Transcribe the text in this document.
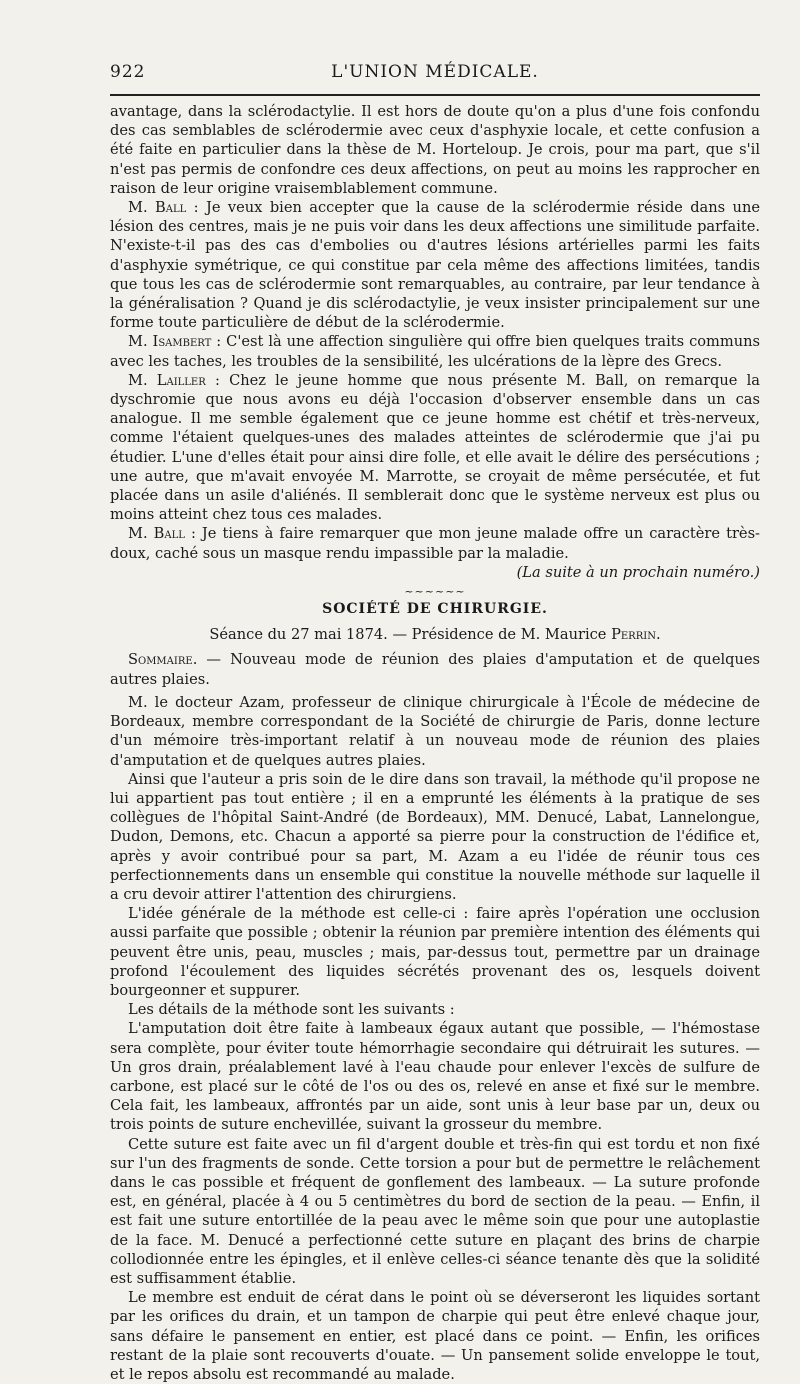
922	L'UNION MÉDICALE.

avantage, dans la sclérodactylie. Il est hors de doute qu'on a plus d'une fois confondu des cas semblables de sclérodermie avec ceux d'asphyxie locale, et cette confusion a été faite en particulier dans la thèse de M. Horteloup. Je crois, pour ma part, que s'il n'est pas permis de confondre ces deux affections, on peut au moins les rapprocher en raison de leur origine vraisemblablement commune.

M. Ball : Je veux bien accepter que la cause de la sclérodermie réside dans une lésion des centres, mais je ne puis voir dans les deux affections une similitude parfaite. N'existe-t-il pas des cas d'embolies ou d'autres lésions artérielles parmi les faits d'asphyxie symétrique, ce qui constitue par cela même des affections limitées, tandis que tous les cas de sclérodermie sont remarquables, au contraire, par leur tendance à la généralisation ? Quand je dis sclérodactylie, je veux insister principalement sur une forme toute particulière de début de la sclérodermie.

M. Isambert : C'est là une affection singulière qui offre bien quelques traits communs avec les taches, les troubles de la sensibilité, les ulcérations de la lèpre des Grecs.

M. Lailler : Chez le jeune homme que nous présente M. Ball, on remarque la dyschromie que nous avons eu déjà l'occasion d'observer ensemble dans un cas analogue. Il me semble également que ce jeune homme est chétif et très-nerveux, comme l'étaient quelques-unes des malades atteintes de sclérodermie que j'ai pu étudier. L'une d'elles était pour ainsi dire folle, et elle avait le délire des persécutions ; une autre, que m'avait envoyée M. Marrotte, se croyait de même persécutée, et fut placée dans un asile d'aliénés. Il semblerait donc que le système nerveux est plus ou moins atteint chez tous ces malades.

M. Ball : Je tiens à faire remarquer que mon jeune malade offre un caractère très-doux, caché sous un masque rendu impassible par la maladie.

(La suite à un prochain numéro.)
~~~~~~
SOCIÉTÉ DE CHIRURGIE.
Séance du 27 mai 1874. — Présidence de M. Maurice Perrin.

Sommaire. — Nouveau mode de réunion des plaies d'amputation et de quelques autres plaies.

M. le docteur Azam, professeur de clinique chirurgicale à l'École de médecine de Bordeaux, membre correspondant de la Société de chirurgie de Paris, donne lecture d'un mémoire très-important relatif à un nouveau mode de réunion des plaies d'amputation et de quelques autres plaies.

Ainsi que l'auteur a pris soin de le dire dans son travail, la méthode qu'il propose ne lui appartient pas tout entière ; il en a emprunté les éléments à la pratique de ses collègues de l'hôpital Saint-André (de Bordeaux), MM. Denucé, Labat, Lannelongue, Dudon, Demons, etc. Chacun a apporté sa pierre pour la construction de l'édifice et, après y avoir contribué pour sa part, M. Azam a eu l'idée de réunir tous ces perfectionnements dans un ensemble qui constitue la nouvelle méthode sur laquelle il a cru devoir attirer l'attention des chirurgiens.

L'idée générale de la méthode est celle-ci : faire après l'opération une occlusion aussi parfaite que possible ; obtenir la réunion par première intention des éléments qui peuvent être unis, peau, muscles ; mais, par-dessus tout, permettre par un drainage profond l'écoulement des liquides sécrétés provenant des os, lesquels doivent bourgeonner et suppurer.

Les détails de la méthode sont les suivants :

L'amputation doit être faite à lambeaux égaux autant que possible, — l'hémostase sera complète, pour éviter toute hémorrhagie secondaire qui détruirait les sutures. — Un gros drain, préalablement lavé à l'eau chaude pour enlever l'excès de sulfure de carbone, est placé sur le côté de l'os ou des os, relevé en anse et fixé sur le membre. Cela fait, les lambeaux, affrontés par un aide, sont unis à leur base par un, deux ou trois points de suture enchevillée, suivant la grosseur du membre.

Cette suture est faite avec un fil d'argent double et très-fin qui est tordu et non fixé sur l'un des fragments de sonde. Cette torsion a pour but de permettre le relâchement dans le cas possible et fréquent de gonflement des lambeaux. — La suture profonde est, en général, placée à 4 ou 5 centimètres du bord de section de la peau. — Enfin, il est fait une suture entortillée de la peau avec le même soin que pour une autoplastie de la face. M. Denucé a perfectionné cette suture en plaçant des brins de charpie collodionnée entre les épingles, et il enlève celles-ci séance tenante dès que la solidité est suffisamment établie.

Le membre est enduit de cérat dans le point où se déverseront les liquides sortant par les orifices du drain, et un tampon de charpie qui peut être enlevé chaque jour, sans défaire le pansement en entier, est placé dans ce point. — Enfin, les orifices restant de la plaie sont recouverts d'ouate. — Un pansement solide enveloppe le tout, et le repos absolu est recommandé au malade.
